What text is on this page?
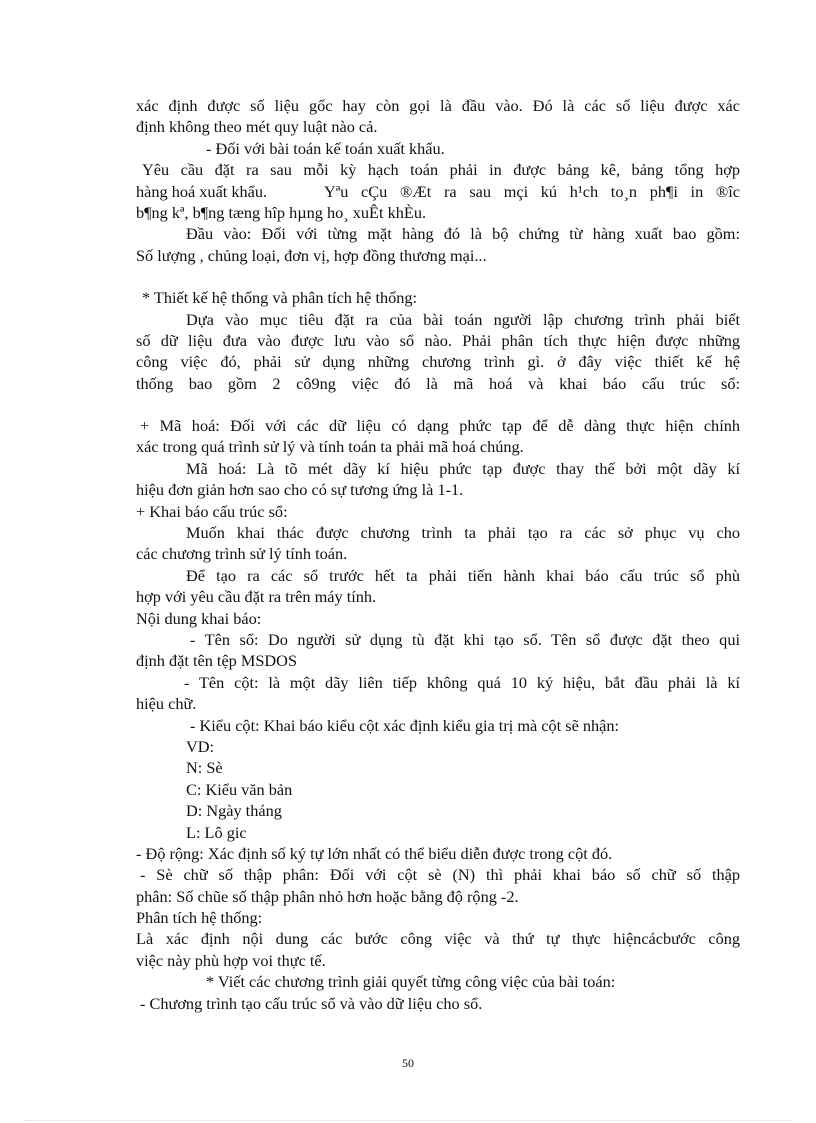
xác định được số liệu gốc hay còn gọi là đầu vào. Đó là các số liệu được xác
định không theo mét quy luật nào cả.
- Đối với bài toán kế toán xuất khẩu.
Yêu cầu đặt ra sau mỗi kỳ hạch toán phải in được bảng kê, bảng tổng hợp
hàng hoá xuất khẩu.	Yªu cÇu ®Æt ra sau mçi kú h¹ch to¸n ph¶i in ®îc
b¶ng kª, b¶ng tæng hîp hµng ho¸ xuÊt khÈu.
Đầu vào: Đối với từng mặt hàng đó là bộ chứng từ hàng xuất bao gồm:
Số lượng , chủng loại, đơn vị, hợp đồng thương mại...
* Thiết kế hệ thống và phân tích hệ thống:
Dựa vào mục tiêu đặt ra của bài toán người lập chương trình phải biết
số dữ liệu đưa vào được lưu vào sổ nào. Phải phân tích thực hiện được những
công việc đó, phải sử dụng những chương trình gì. ở đây việc thiết kế hệ
thống bao gồm 2 cô9ng việc đó là mã hoá và khai báo cấu trúc sổ:
+ Mã hoá: Đối với các dữ liệu có dạng phức tạp để dễ dàng thực hiện chính
xác trong quá trình sử lý và tính toán ta phải mã hoá chúng.
Mã hoá: Là tõ mét dãy kí hiệu phức tạp được thay thế bởi một dãy kí
hiệu đơn giản hơn sao cho có sự tương ứng là 1-1.
+ Khai báo cấu trúc sổ:
Muốn khai thác được chương trình ta phải tạo ra các sở phục vụ cho
các chương trình sử lý tính toán.
Để tạo ra các sổ trước hết ta phải tiến hành khai báo cấu trúc sổ phù
hợp với yêu cầu đặt ra trên máy tính.
Nội dung khai báo:
- Tên sổ: Do người sử dụng tù đặt khi tạo sổ. Tên sổ được đặt theo qui
định đặt tên tệp MSDOS
- Tên cột: là một dãy liên tiếp không quá 10 ký hiệu, bắt đầu phải là kí
hiệu chữ.
- Kiểu cột: Khai báo kiểu cột xác định kiểu gia trị mà cột sẽ nhận:
VD:
N: Sè
C: Kiểu văn bản
D: Ngày tháng
L: Lô gic
- Độ rộng: Xác định số ký tự lớn nhất có thể biểu diễn được trong cột đó.
- Sè chữ số thập phân: Đối với cột sè (N) thì phải khai báo số chữ số thập
phân: Số chũe số thập phân nhỏ hơn hoặc bằng độ rộng -2.
Phân tích hệ thống:
Là xác định nội dung các bước công việc và thứ tự thực hiệncácbước công
việc này phù hợp voi thực tế.
* Viết các chương trình giải quyết từng công việc của bài toán:
- Chương trình tạo cấu trúc sổ và vào dữ liệu cho sổ.
50
